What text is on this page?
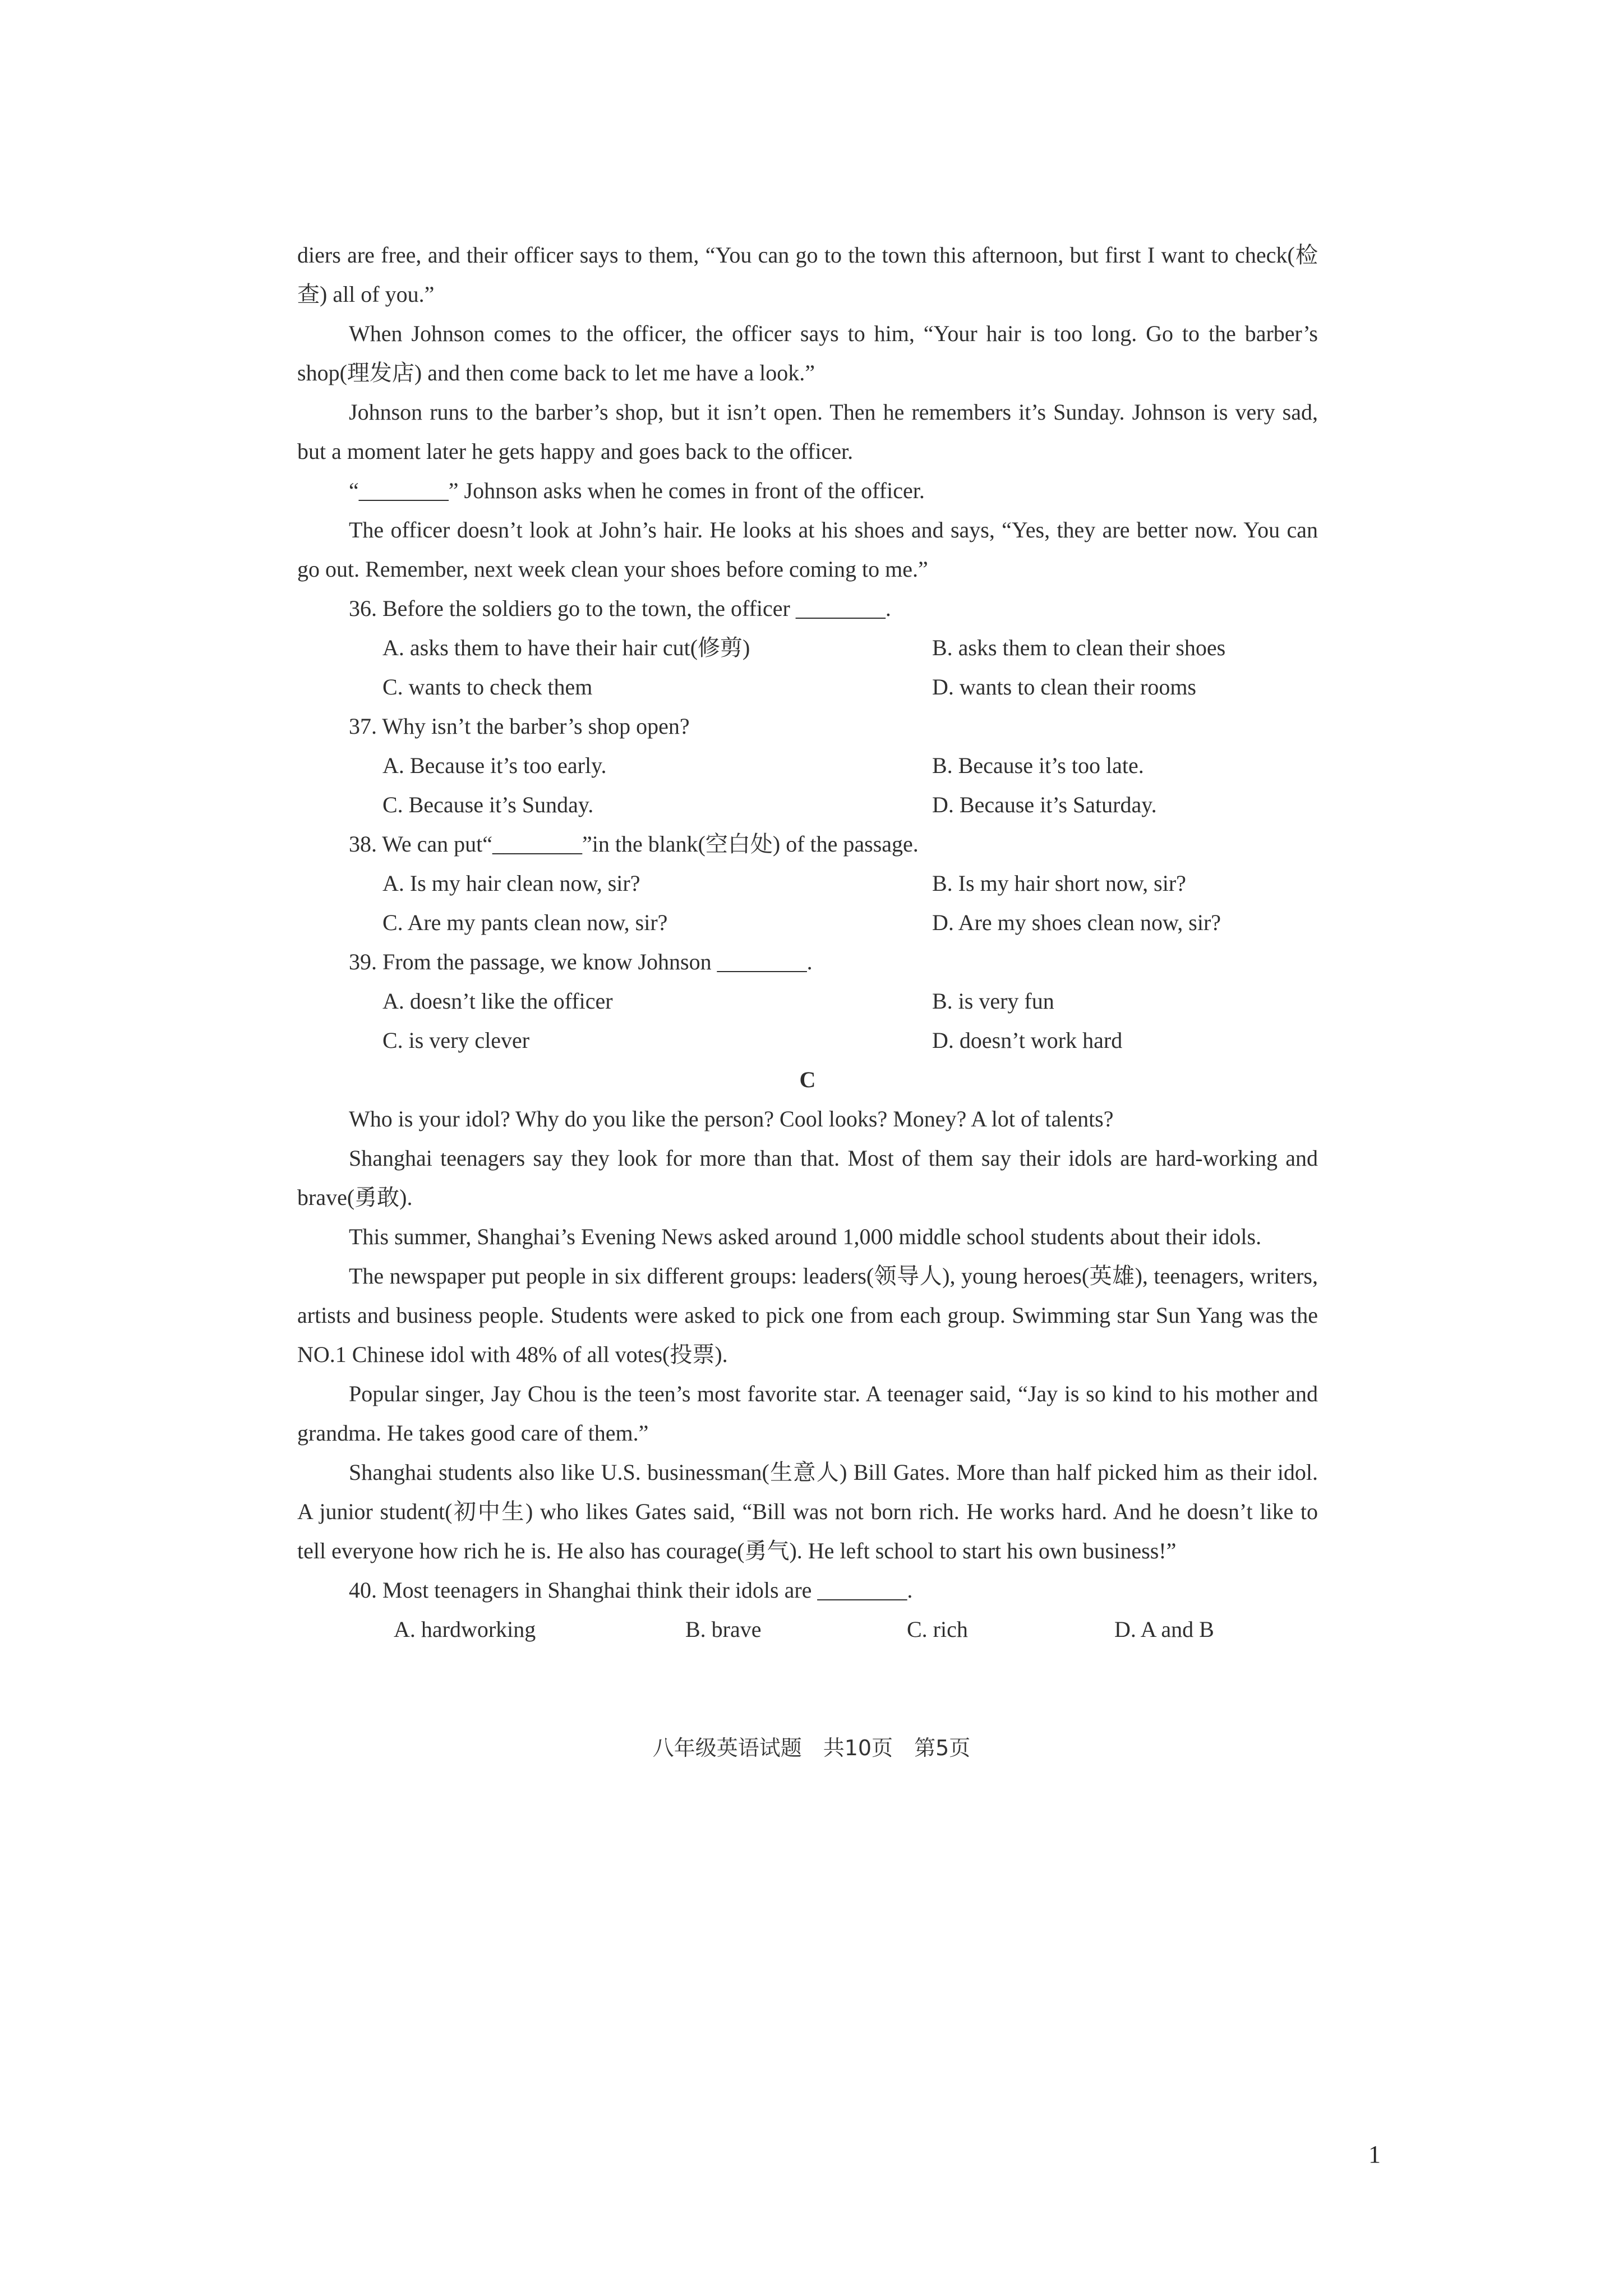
diers are free, and their officer says to them, “You can go to the town this afternoon, but first I want to check(检查) all of you.”

When Johnson comes to the officer, the officer says to him, “Your hair is too long. Go to the barber’s shop(理发店) and then come back to let me have a look.”

Johnson runs to the barber’s shop, but it isn’t open. Then he remembers it’s Sunday. Johnson is very sad, but a moment later he gets happy and goes back to the officer.

“________” Johnson asks when he comes in front of the officer.

The officer doesn’t look at John’s hair. He looks at his shoes and says, “Yes, they are better now. You can go out. Remember, next week clean your shoes before coming to me.”

36. Before the soldiers go to the town, the officer ________.

A. asks them to have their hair cut(修剪)	B. asks them to clean their shoes

C. wants to check them	D. wants to clean their rooms

37. Why isn’t the barber’s shop open?

A. Because it’s too early.	B. Because it’s too late.

C. Because it’s Sunday.	D. Because it’s Saturday.

38. We can put“________”in the blank(空白处) of the passage.

A. Is my hair clean now, sir?	B. Is my hair short now, sir?

C. Are my pants clean now, sir?	D. Are my shoes clean now, sir?

39. From the passage, we know Johnson ________.

A. doesn’t like the officer	B. is very fun

C. is very clever	D. doesn’t work hard

C

Who is your idol? Why do you like the person? Cool looks? Money? A lot of talents?

Shanghai teenagers say they look for more than that. Most of them say their idols are hard-working and brave(勇敢).

This summer, Shanghai’s Evening News asked around 1,000 middle school students about their idols.

The newspaper put people in six different groups: leaders(领导人), young heroes(英雄), teenagers, writers, artists and business people. Students were asked to pick one from each group. Swimming star Sun Yang was the NO.1 Chinese idol with 48% of all votes(投票).

Popular singer, Jay Chou is the teen’s most favorite star. A teenager said, “Jay is so kind to his mother and grandma. He takes good care of them.”

Shanghai students also like U.S. businessman(生意人) Bill Gates. More than half picked him as their idol. A junior student(初中生) who likes Gates said, “Bill was not born rich. He works hard. And he doesn’t like to tell everyone how rich he is. He also has courage(勇气). He left school to start his own business!”

40. Most teenagers in Shanghai think their idols are ________.

A. hardworking	B. brave	C. rich	D. A and B

八年级英语试题　共10页　第5页
1
